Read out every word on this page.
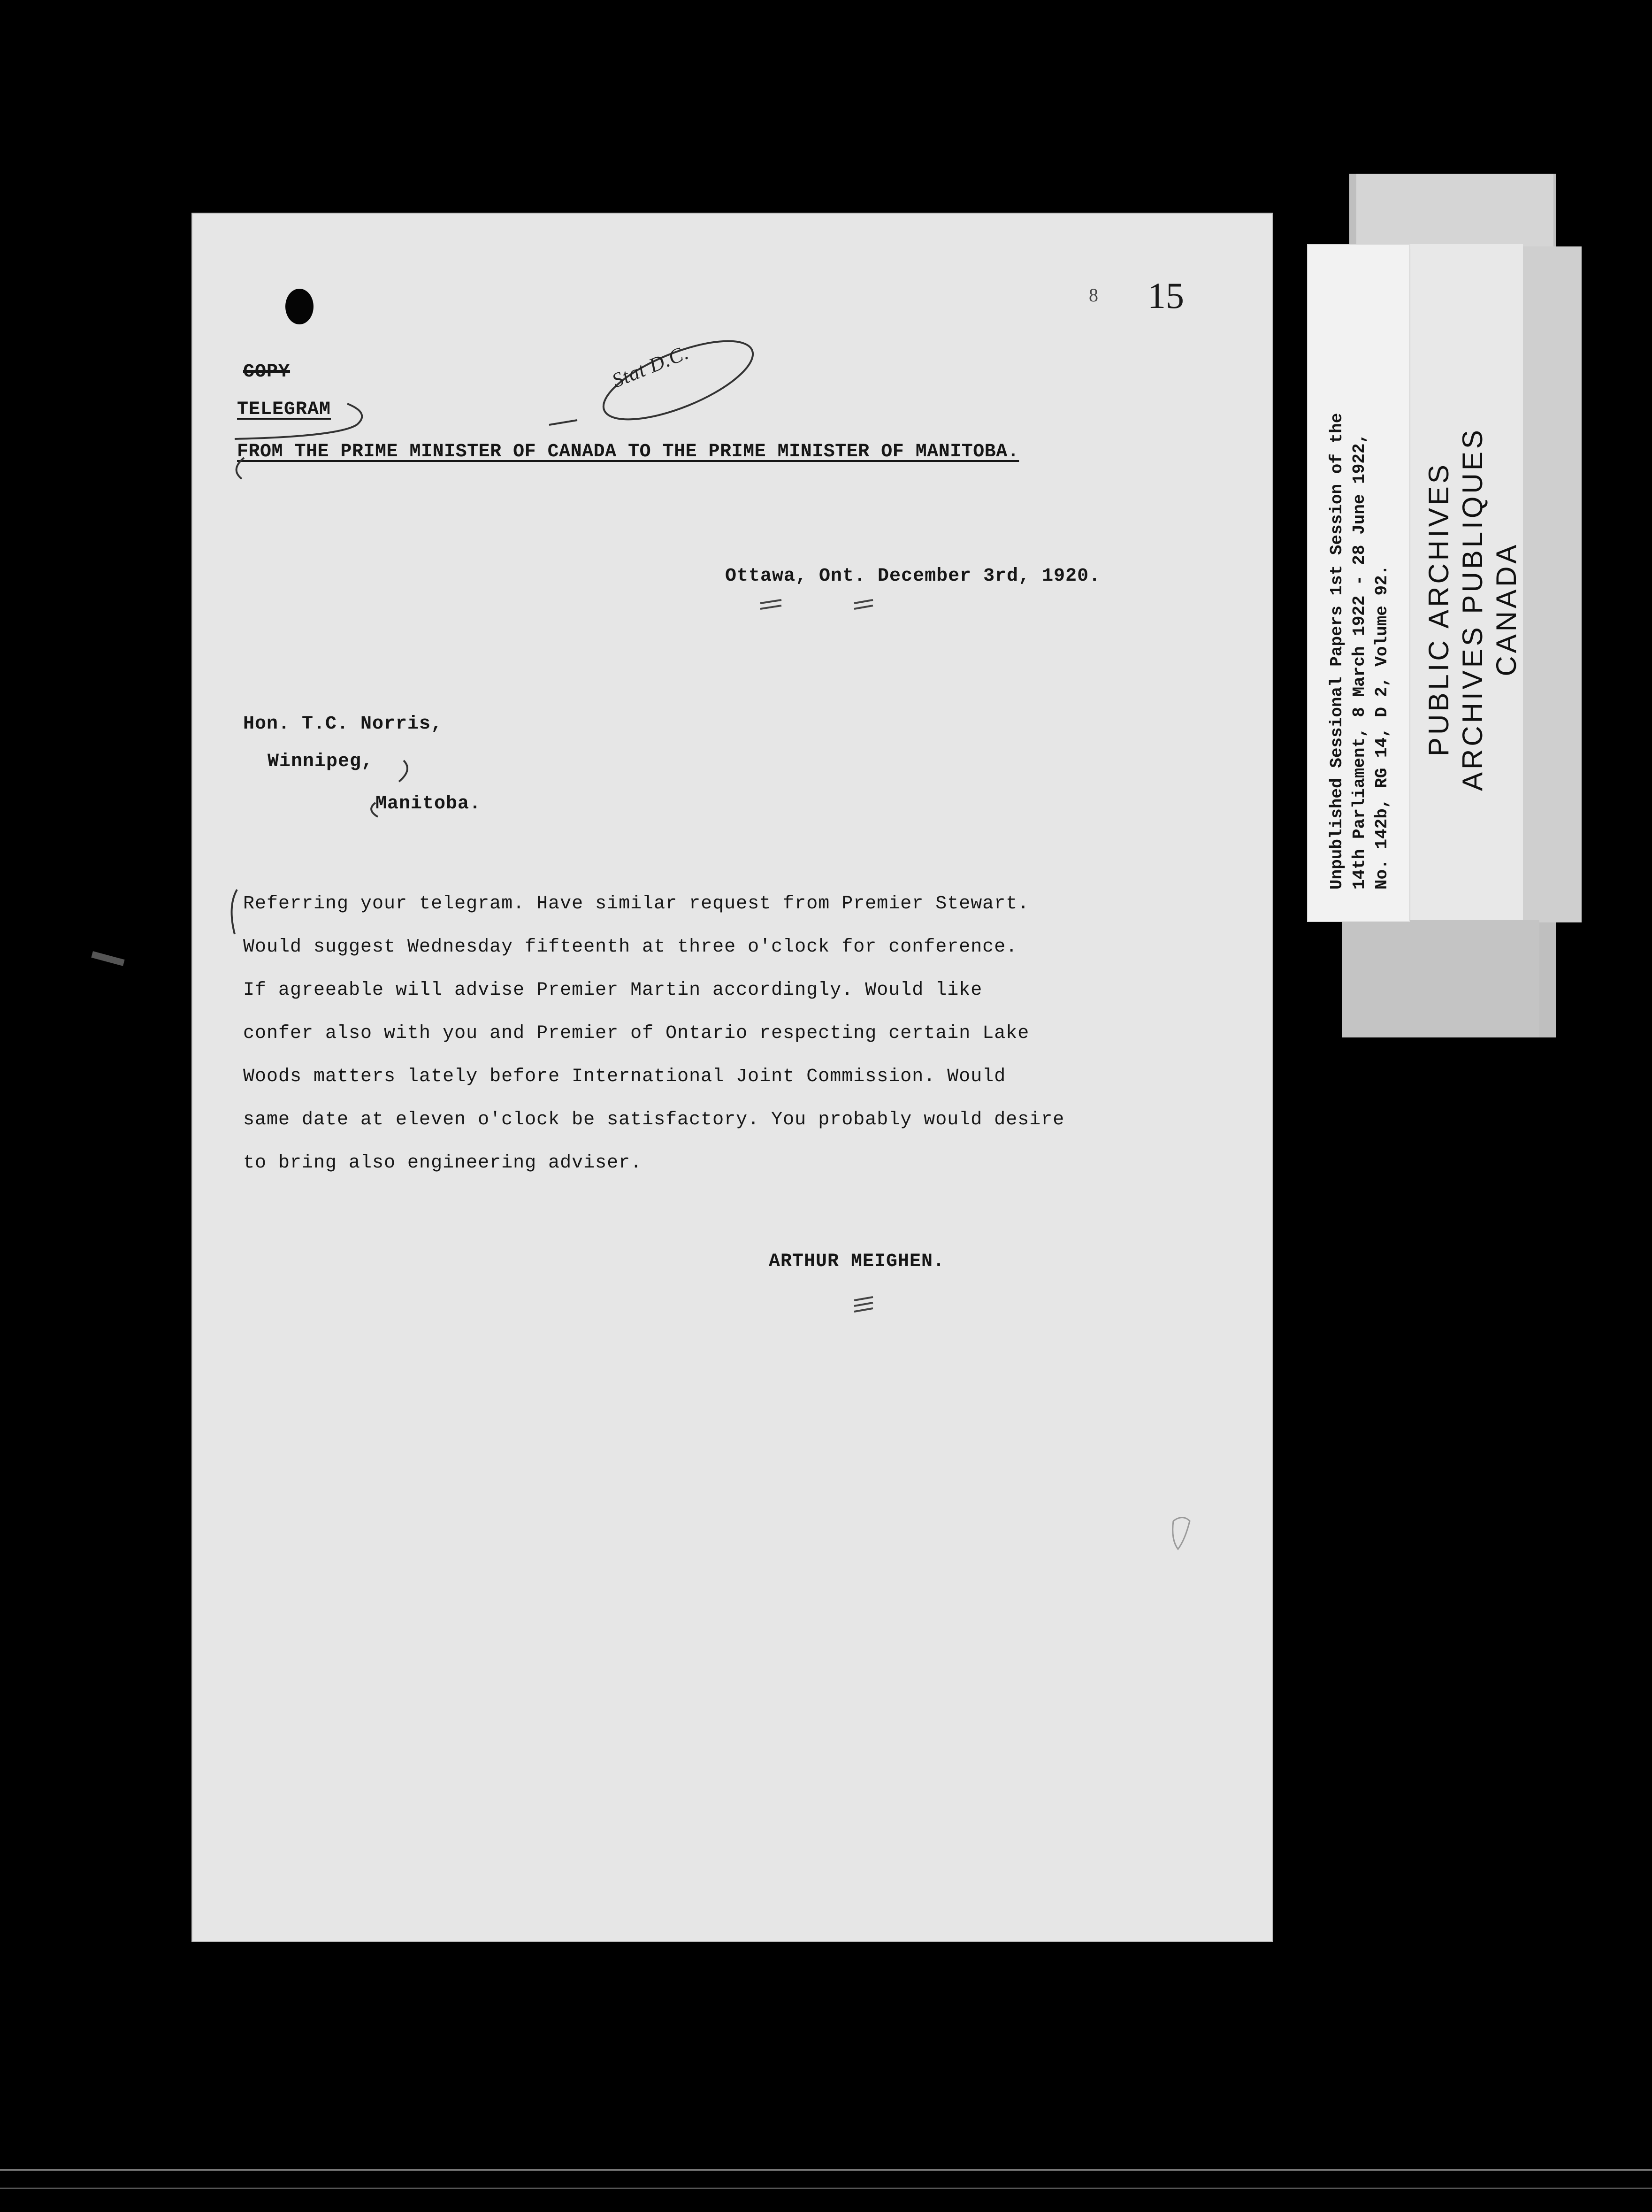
Unpublished Sessional Papers 1st Session of the 14th Parliament, 8 March 1922 - 28 June 1922, No. 142b, RG 14, D 2, Volume 92. PUBLIC ARCHIVES ARCHIVES PUBLIQUES CANADA
8 15
COPY
TELEGRAM
FROM THE PRIME MINISTER OF CANADA TO THE PRIME MINISTER OF MANITOBA.
Stat D.C.
Ottawa, Ont. December 3rd, 1920.
Hon. T.C. Norris,
Winnipeg,
Manitoba.
Referring your telegram. Have similar request from Premier Stewart.
Would suggest Wednesday fifteenth at three o'clock for conference.
If agreeable will advise Premier Martin accordingly. Would like
confer also with you and Premier of Ontario respecting certain Lake
Woods matters lately before International Joint Commission. Would
same date at eleven o'clock be satisfactory. You probably would desire
to bring also engineering adviser.
ARTHUR MEIGHEN.
